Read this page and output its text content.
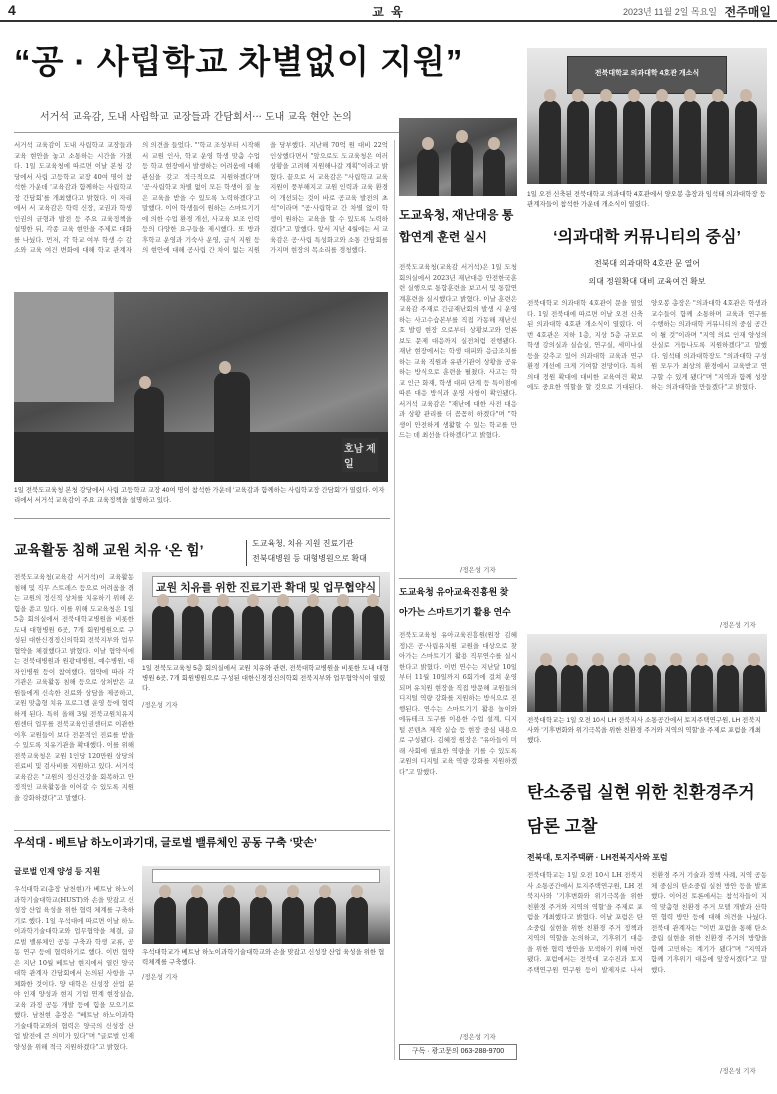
4	교 육	2023년 11월 2일 목요일 전주매일
“공 · 사립학교 차별없이 지원”
서거석 교육감, 도내 사립학교 교장들과 간담회서··· 도내 교육 현안 논의
서거석 교육감이 도내 사립학교 교장들과 교육 현안을 놓고 소통하는 시간을 가졌다. 1일 도교육청에 따르면 이날 본청 강당에서 사립 고등학교 교장 40여 명이 참석한 가운데 '교육감과 함께하는 사립학교장 간담회'를 개최했다고 밝혔다. 이 자리에서 서 교육감은 학력 신장, 교권과 학생인권의 균형과 발전 등 주요 교육정책을 설명한 뒤, 각종 교육 현안을 주제로 대화를 나눴다. 먼저, 각 학교 여부 학생 수 감소와 교육 여건 변화에 대해 학교 관계자의 의견을 들었다. "'학교 조성부터 시작해서 교원 인사, 학교 운영 학생 맞춤 수업 등 학교 현장에서 발생하는 어려움에 대해 관심을 갖고 적극적으로 지원하겠다'며 '공·사립학교 차별 없이 모든 학생이 질 높은 교육을 받을 수 있도록 노력하겠다'고 말했다. 이어 학생들이 원하는 스마트기기에 의한 수업 환경 개선, 사교육 보조 인력 등의 다양한 요구들을 제시했다. 또 방과후학교 운영과 기숙사 운영, 급식 지원 등의 현안에 대해 공사립 간 차이 없는 지원을 당부했다. 지난해 70억 원 대비 22억 인상했다면서 "앞으로도 도교육청은 여러 상황을 고려해 지원해나갈 계획"이라고 밝혔다. 끝으로 서 교육감은 "사립학교 교육 지원이 풍부해지고 교원 인력과 교육 환경이 개선되는 것이 바로 공교육 발전의 초석"이라며 "공·사립학교 간 차별 없이 학생이 원하는 교육을 할 수 있도록 노력하겠다"고 말했다. 앞서 지난 4월에는 서 교육감은 공·사립 특성화고와 소통 간담회를 가지며 현장의 목소리를 경청했다.
호남 제일
1일 전북도교육청 본청 강당에서 사립 고등학교 교장 40여 명이 참석한 가운데 '교육감과 함께하는 사립학교장 간담회'가 열렸다. 이자리에서 서거석 교육감이 주요 교육정책을 설명하고 있다.
도교육청, 재난대응 통합연계 훈련 실시
전북도교육청(교육감 서거석)은 1일 도청 회의실에서 2023년 재난대응 안전한국훈련 실행으로 통합훈련을 보고서 및 통합연계훈련을 실시했다고 밝혔다. 이날 훈련은 교육감 주재로 긴급재난회의 발생 시 운영하는 사고수습본부를 직접 가동해 재난신호 발령 현장 으로부터 상황보고와 언론 보도 문제 대응까지 실전처럼 진행됐다. 재난 현장에서는 학생 대피와 응급조치를 하는 교육 직원과 유관기관이 상황을 공유하는 방식으로 훈련을 펼쳤다. 사고는 학교 인근 화재, 학생 대피 단계 등 특이점에 따른 대응 방식과 운영 사항이 확인됐다. 서거석 교육감은 "재난에 대한 사전 대응과 상황 관리를 더 꼼꼼히 하겠다"며 "학생이 안전하게 생활할 수 있는 학교를 만드는 데 최선을 다하겠다"고 밝혔다.
/정은성 기자
전북대학교 의과대학 4호관 개소식
1일 오전 신축된 전북대학교 의과대학 4호관에서 양오봉 총장과 임석태 의과대학장 등 관계자들이 참석한 가운데 개소식이 열렸다.
‘의과대학 커뮤니티의 중심’
전북대 의과대학 4호관 문 열어
의대 정원확대 대비 교육여건 확보
전북대학교 의과대학 4호관이 문을 열었다. 1일 전북대에 따르면 이날 오전 신축된 의과대학 4호관 개소식이 열렸다. 이번 4호관은 지하 1층, 지상 5층 규모로 학생 강의실과 실습실, 연구실, 세미나실 등을 갖추고 있어 의과대학 교육과 연구 환경 개선에 크게 기여할 전망이다. 특히 의대 정원 확대에 대비한 교육여건 확보에도 중요한 역할을 할 것으로 기대된다. 양오봉 총장은 "의과대학 4호관은 학생과 교수들이 함께 소통하며 교육과 연구를 수행하는 의과대학 커뮤니티의 중심 공간이 될 것"이라며 "지역 의료 인재 양성의 산실로 거듭나도록 지원하겠다"고 말했다. 임석태 의과대학장도 "의과대학 구성원 모두가 최상의 환경에서 교육받고 연구할 수 있게 됐다"며 "지역과 함께 성장하는 의과대학을 만들겠다"고 밝혔다.
/정은성 기자
교육활동 침해 교원 치유 ‘온 힘’	도교육청, 치유 지원 진료기관
전북대병원 등 대형병원으로 확대
전북도교육청(교육감 서거석)이 교육활동 침해 및 직무 스트레스 등으로 어려움을 겪는 교원의 정신적 상처를 치유하기 위해 온 힘을 쏟고 있다. 이를 위해 도교육청은 1일 5층 회의실에서 전북대학교병원을 비롯한 도내 대형병원 6곳, 7개 회원병원으로 구성된 대한신경정신의학회 전북지부와 업무협약을 체결했다고 밝혔다. 이날 협약식에는 전북대병원과 원광대병원, 예수병원, 대자인병원 등이 참여했다. 협약에 따라 각 기관은 교육활동 침해 등으로 상처받은 교원들에게 신속한 진료와 상담을 제공하고, 교원 맞춤형 치유 프로그램 운영 등에 협력하게 된다. 특히 올해 3월 전북교원치유지원센터 업무를 전북교육인권센터로 이관한 이후 교원들이 보다 전문적인 진료를 받을 수 있도록 치유기관을 확대했다. 이를 위해 전북교육청은 교원 1인당 120만원 상당의 진료비 및 검사비를 지원하고 있다. 서거석 교육감은 "교원의 정신건강을 회복하고 안정적인 교육활동을 이어갈 수 있도록 지원을 강화하겠다"고 말했다.
교원 치유를 위한 진료기관 확대 및 업무협약식
1일 전북도교육청 5층 회의실에서 교원 치유와 관련, 전북대학교병원을 비롯한 도내 대형병원 6곳, 7개 회원병원으로 구성된 대한신경정신의학회 전북지부와 업무협약식이 열렸다.
/정은성 기자
도교육청 유아교육진흥원 찾아가는 스마트기기 활용 연수
전북도교육청 유아교육진흥원(원장 김혜정)은 공·사립유치원 교원을 대상으로 찾아가는 스마트기기 활용 직무연수를 실시한다고 밝혔다. 이번 연수는 지난달 10일부터 11월 10일까지 6회기에 걸쳐 운영되며 유치원 현장을 직접 방문해 교원들의 디지털 역량 강화를 지원하는 방식으로 진행된다. 연수는 스마트기기 활용 놀이와 에듀테크 도구를 이용한 수업 설계, 디지털 콘텐츠 제작 실습 등 현장 중심 내용으로 구성됐다. 김혜정 원장은 "유아들이 미래 사회에 필요한 역량을 기를 수 있도록 교원의 디지털 교육 역량 강화를 지원하겠다"고 말했다.
/정은성 기자
전북대학교는 1일 오전 10시 LH 전북지사 소통공간에서 토지주택연구원, LH 전북지사와 '기후변화와 위기극복을 위한 친환경 주거와 지역의 역할'을 주제로 포럼을 개최했다.
탄소중립 실현 위한 친환경주거 담론 고찰
전북대, 토지주택硏 · LH전북지사와 포럼
전북대학교는 1일 오전 10시 LH 전북지사 소통공간에서 토지주택연구원, LH 전북지사와 '기후변화와 위기극복을 위한 친환경 주거와 지역의 역할'을 주제로 포럼을 개최했다고 밝혔다. 이날 포럼은 탄소중립 실현을 위한 친환경 주거 정책과 지역의 역할을 논의하고, 기후위기 대응을 위한 협력 방안을 모색하기 위해 마련됐다. 포럼에서는 전북대 교수진과 토지주택연구원 연구원 등이 발제자로 나서 친환경 주거 기술과 정책 사례, 지역 공동체 중심의 탄소중립 실천 방안 등을 발표했다. 이어진 토론에서는 참석자들이 지역 맞춤형 친환경 주거 모델 개발과 산학연 협력 방안 등에 대해 의견을 나눴다. 전북대 관계자는 "이번 포럼을 통해 탄소중립 실현을 위한 친환경 주거의 방향을 함께 고민하는 계기가 됐다"며 "지역과 함께 기후위기 대응에 앞장서겠다"고 말했다.
/정은성 기자
우석대 - 베트남 하노이과기대, 글로벌 밸류체인 공동 구축 ‘맞손’
글로벌 인재 양성 등 지원
우석대학교(총장 남천현)가 베트남 하노이과학기술대학교(HUST)와 손을 맞잡고 신성장 산업 육성을 위한 협력 체계를 구축하기로 했다. 1일 우석대에 따르면 이날 하노이과학기술대학교와 업무협약을 체결, 글로벌 밸류체인 공동 구축과 학생 교류, 공동 연구 등에 협력하기로 했다. 이번 협약은 지난 10월 베트남 현지에서 열린 양국 대학 관계자 간담회에서 논의된 사항을 구체화한 것이다. 양 대학은 신성장 산업 분야 인재 양성과 현지 기업 연계 현장실습, 교육 과정 공동 개발 등에 힘을 모으기로 했다. 남천현 총장은 "베트남 하노이과학기술대학교와의 협력은 양국의 신성장 산업 발전에 큰 의미가 있다"며 "글로벌 인재 양성을 위해 적극 지원하겠다"고 밝혔다.
우석대학교가 베트남 하노이과학기술대학교와 손을 맞잡고 신성장 산업 육성을 위한 협력체계를 구축했다.
/정은성 기자
구독 · 광고문의 063-288-9700
